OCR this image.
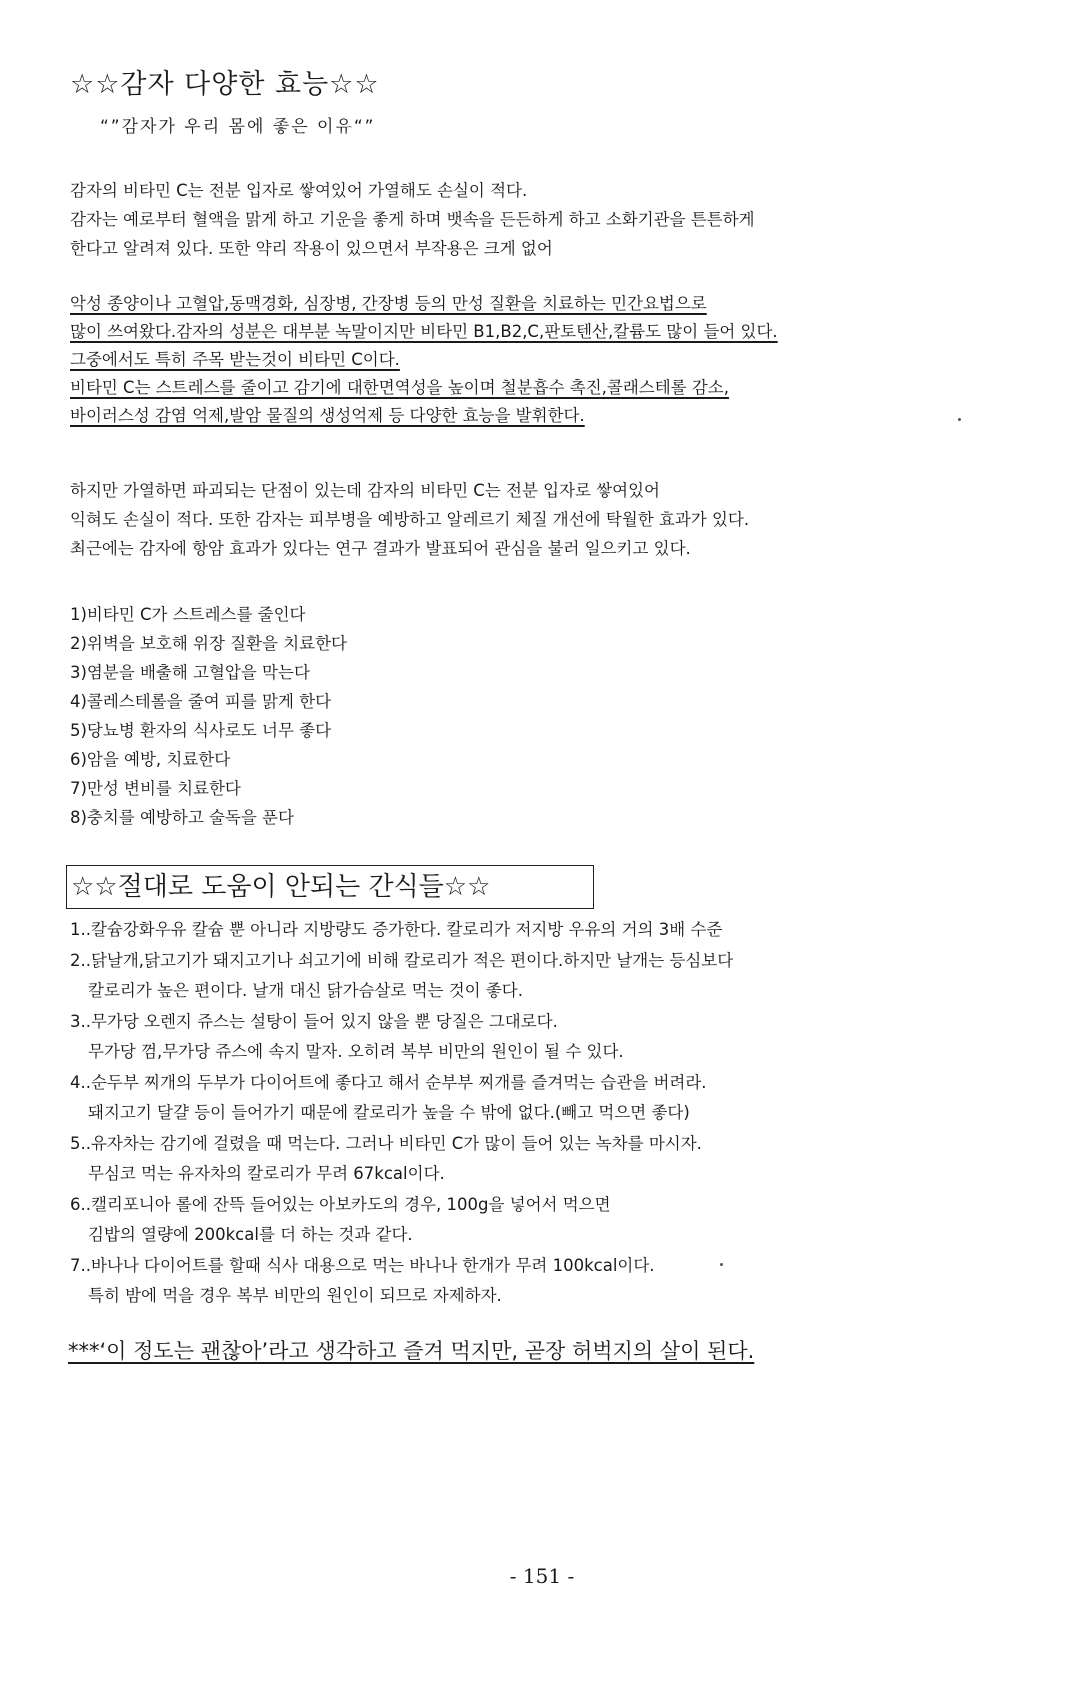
☆☆감자 다양한 효능☆☆
“”감자가 우리 몸에 좋은 이유“”
감자의 비타민 C는 전분 입자로 쌓여있어 가열해도 손실이 적다.
감자는 예로부터 혈액을 맑게 하고 기운을 좋게 하며 뱃속을 든든하게 하고 소화기관을 튼튼하게
한다고 알려져 있다. 또한 약리 작용이 있으면서 부작용은 크게 없어
악성 종양이나 고혈압,동맥경화, 심장병, 간장병 등의 만성 질환을 치료하는 민간요법으로
많이 쓰여왔다.감자의 성분은 대부분 녹말이지만 비타민 B1,B2,C,판토텐산,칼륨도 많이 들어 있다.
그중에서도 특히 주목 받는것이 비타민 C이다.
비타민 C는 스트레스를 줄이고 감기에 대한면역성을 높이며 철분흡수 촉진,콜래스테롤 감소,
바이러스성 감염 억제,발암 물질의 생성억제 등 다양한 효능을 발휘한다.
하지만 가열하면 파괴되는 단점이 있는데 감자의 비타민 C는 전분 입자로 쌓여있어
익혀도 손실이 적다. 또한 감자는 피부병을 예방하고 알레르기 체질 개선에 탁월한 효과가 있다.
최근에는 감자에 항암 효과가 있다는 연구 결과가 발표되어 관심을 불러 일으키고 있다.
1)비타민 C가 스트레스를 줄인다
2)위벽을 보호해 위장 질환을 치료한다
3)염분을 배출해 고혈압을 막는다
4)콜레스테롤을 줄여 피를 맑게 한다
5)당뇨병 환자의 식사로도 너무 좋다
6)암을 예방, 치료한다
7)만성 변비를 치료한다
8)충치를 예방하고 술독을 푼다
☆☆절대로 도움이 안되는 간식들☆☆
1..칼슘강화우유 칼슘 뿐 아니라 지방량도 증가한다. 칼로리가 저지방 우유의 거의 3배 수준
2..닭날개,닭고기가 돼지고기나 쇠고기에 비해 칼로리가 적은 편이다.하지만 날개는 등심보다
칼로리가 높은 편이다. 날개 대신 닭가슴살로 먹는 것이 좋다.
3..무가당 오렌지 쥬스는 설탕이 들어 있지 않을 뿐 당질은 그대로다.
무가당 껌,무가당 쥬스에 속지 말자. 오히려 복부 비만의 원인이 될 수 있다.
4..순두부 찌개의 두부가 다이어트에 좋다고 해서 순부부 찌개를 즐겨먹는 습관을 버려라.
돼지고기 달걀 등이 들어가기 때문에 칼로리가 높을 수 밖에 없다.(빼고 먹으면 좋다)
5..유자차는 감기에 걸렸을 때 먹는다. 그러나 비타민 C가 많이 들어 있는 녹차를 마시자.
무심코 먹는 유자차의 칼로리가 무려 67kcal이다.
6..캘리포니아 롤에 잔뜩 들어있는 아보카도의 경우, 100g을 넣어서 먹으면
김밥의 열량에 200kcal를 더 하는 것과 같다.
7..바나나 다이어트를 할때 식사 대용으로 먹는 바나나 한개가 무려 100kcal이다.
특히 밤에 먹을 경우 복부 비만의 원인이 되므로 자제하자.
***‘이 정도는 괜찮아’라고 생각하고 즐겨 먹지만, 곧장 허벅지의 살이 된다.
- 151 -
